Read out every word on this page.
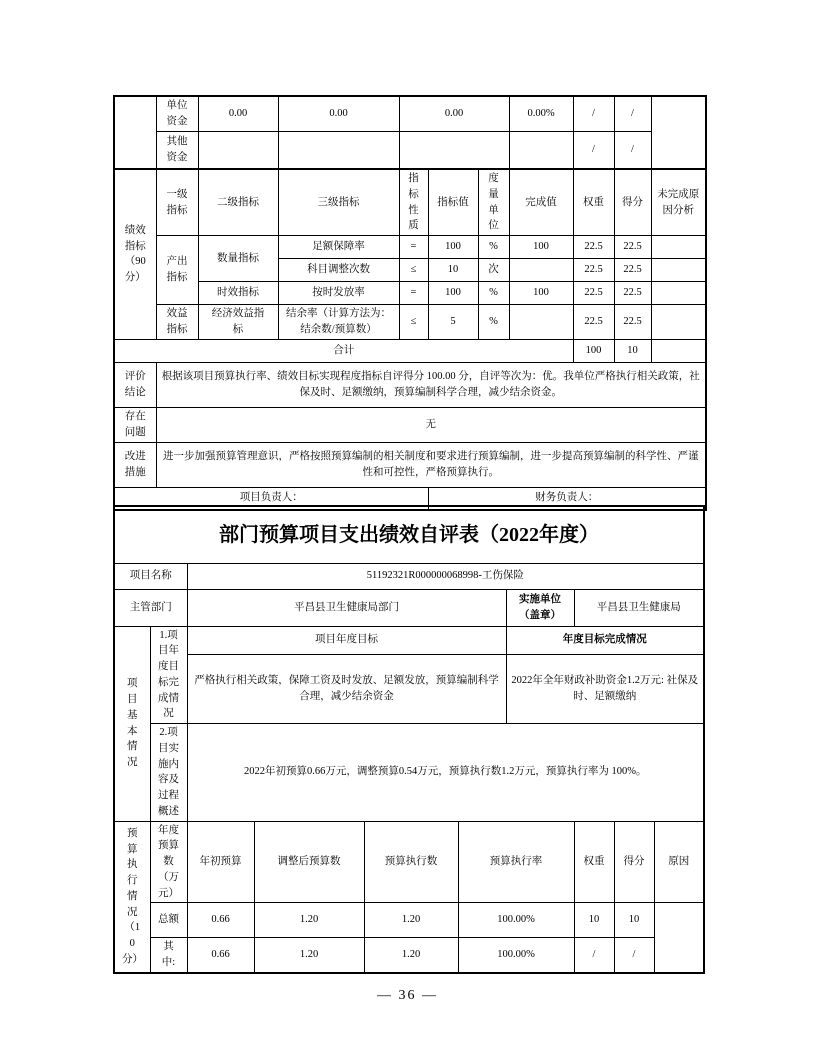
	单位资金	0.00	0.00	0.00			0.00%	/	/	
	其他资金							/	/	
绩效指标（90分）	一级指标	二级指标	三级指标	指标性质	指标值	度量单位	完成值	权重	得分	未完成原因分析
	产出指标	数量指标	足额保障率	=	100	%	100	22.5	22.5	
			科目调整次数	≤	10	次		22.5	22.5	
		时效指标	按时发放率	=	100	%	100	22.5	22.5	
	效益指标	经济效益指标	结余率（计算方法为：结余数/预算数）	≤	5	%		22.5	22.5	
合计								100	10	
评价结论	根据该项目预算执行率、绩效目标实现程度指标自评得分 100.00 分，自评等次为：优。我单位严格执行相关政策，社保及时、足额缴纳，预算编制科学合理，减少结余资金。									
存在问题	无									
改进措施	进一步加强预算管理意识，严格按照预算编制的相关制度和要求进行预算编制，进一步提高预算编制的科学性、严谨性和可控性，严格预算执行。									
项目负责人：					财务负责人：					
部门预算项目支出绩效自评表（2022年度）									
项目名称		51192321R000000068998-工伤保险							
主管部门		平昌县卫生健康局部门				实施单位（盖章）	平昌县卫生健康局		
项目基本情况	1.项目年度目标完成情况	项目年度目标				年度目标完成情况			
		严格执行相关政策，保障工资及时发放、足额发放，预算编制科学合理，减少结余资金				2022年全年财政补助资金1.2万元: 社保及时、足额缴纳			
	2.项目实施内容及过程概述	2022年初预算0.66万元，调整预算0.54万元，预算执行数1.2万元，预算执行率为 100%。							
预算执行情况（10分）	年度预算数（万元）	年初预算	调整后预算数	预算执行数	预算执行率		权重	得分	原因
	总额	0.66	1.20	1.20	100.00%		10	10	
	其中:	0.66	1.20	1.20	100.00%		/	/	
— 36 —
